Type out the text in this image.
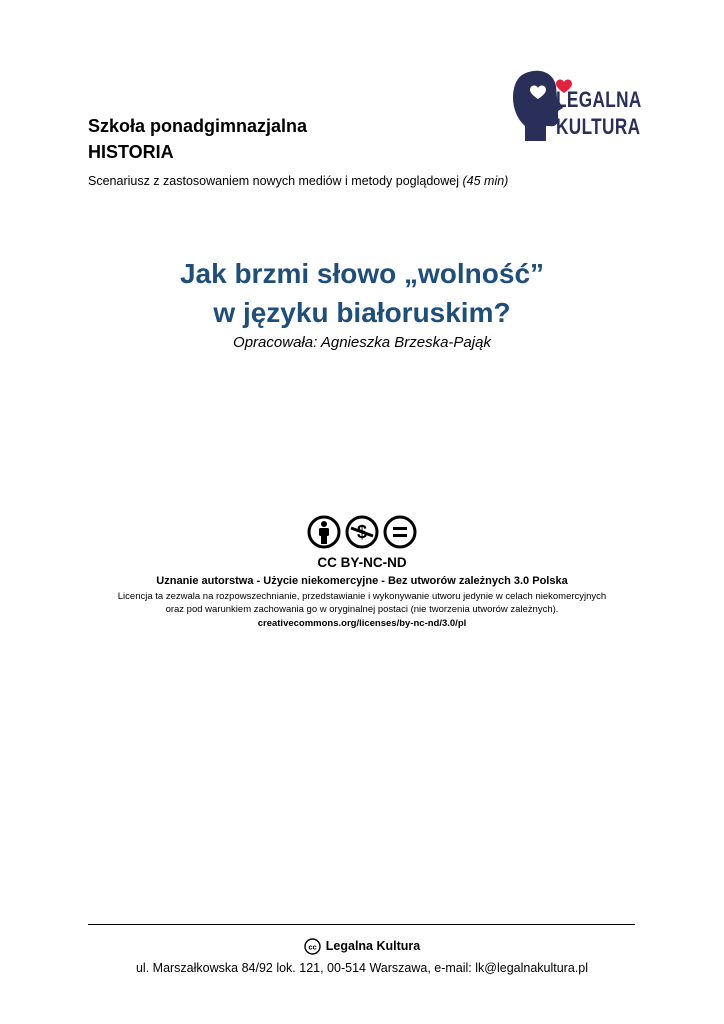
Szkoła ponadgimnazjalna
HISTORIA
Scenariusz z zastosowaniem nowych mediów i metody poglądowej (45 min)
LEGALNA
KULTURA
Jak brzmi słowo „wolność”
w języku białoruskim?
Opracowała: Agnieszka Brzeska-Pająk
CC BY-NC-ND
Uznanie autorstwa - Użycie niekomercyjne - Bez utworów zależnych 3.0 Polska
Licencja ta zezwala na rozpowszechnianie, przedstawianie i wykonywanie utworu jedynie w celach niekomercyjnych
oraz pod warunkiem zachowania go w oryginalnej postaci (nie tworzenia utworów zależnych).
creativecommons.org/licenses/by-nc-nd/3.0/pl
cc Legalna Kultura
ul. Marszałkowska 84/92 lok. 121, 00-514 Warszawa, e-mail: lk@legalnakultura.pl
